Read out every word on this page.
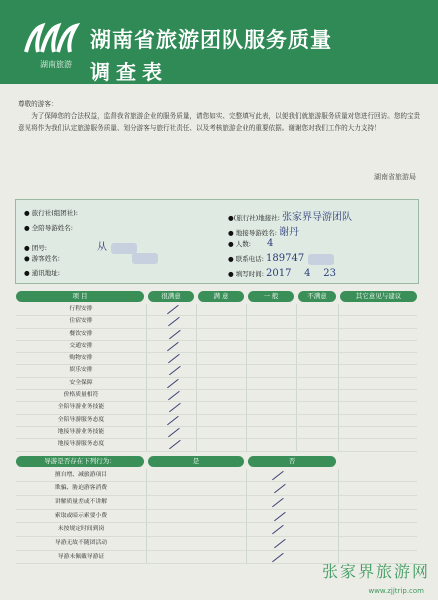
湖南旅游
湖南省旅游团队服务质量
调查表
尊敬的游客：
为了保障您的合法权益，监督我省旅游企业的服务质量，请您如实、完整填写此表，以便我们就旅游服务质量对您进行回访。您的宝贵意见将作为我们认定旅游服务质量、划分游客与旅行社责任、以及考核旅游企业的重要依据。谢谢您对我们工作的大力支持！
湖南省旅游局
● 旅行社(组团社):
● 全陪导游姓名:
● 团号:	从
● 游客姓名:
● 通讯地址:
●(旅行社)地接社: 张家界导游团队
● 地接导游姓名: 谢丹
● 人数: 4
● 联系电话: 189747
● 填写时间: 2017    4    23
项 目	很满意	满 意	一 般	不满意	其它意见与建议
行程安排
住宿安排
餐饮安排
交通安排
购物安排
娱乐安排
安全保障
价格质量相符
全陪导游业务技能
全陪导游服务态度
地接导游业务技能
地接导游服务态度
导游是否存在下列行为：	是	否
擅自增、减旅游项目
欺骗、胁迫游客消费
讲解质量差或不讲解
索取或暗示索要小费
未按规定时间到岗
导游无故不随团活动
导游未佩戴导游证
张家界旅游网
www.zjjtrip.com
